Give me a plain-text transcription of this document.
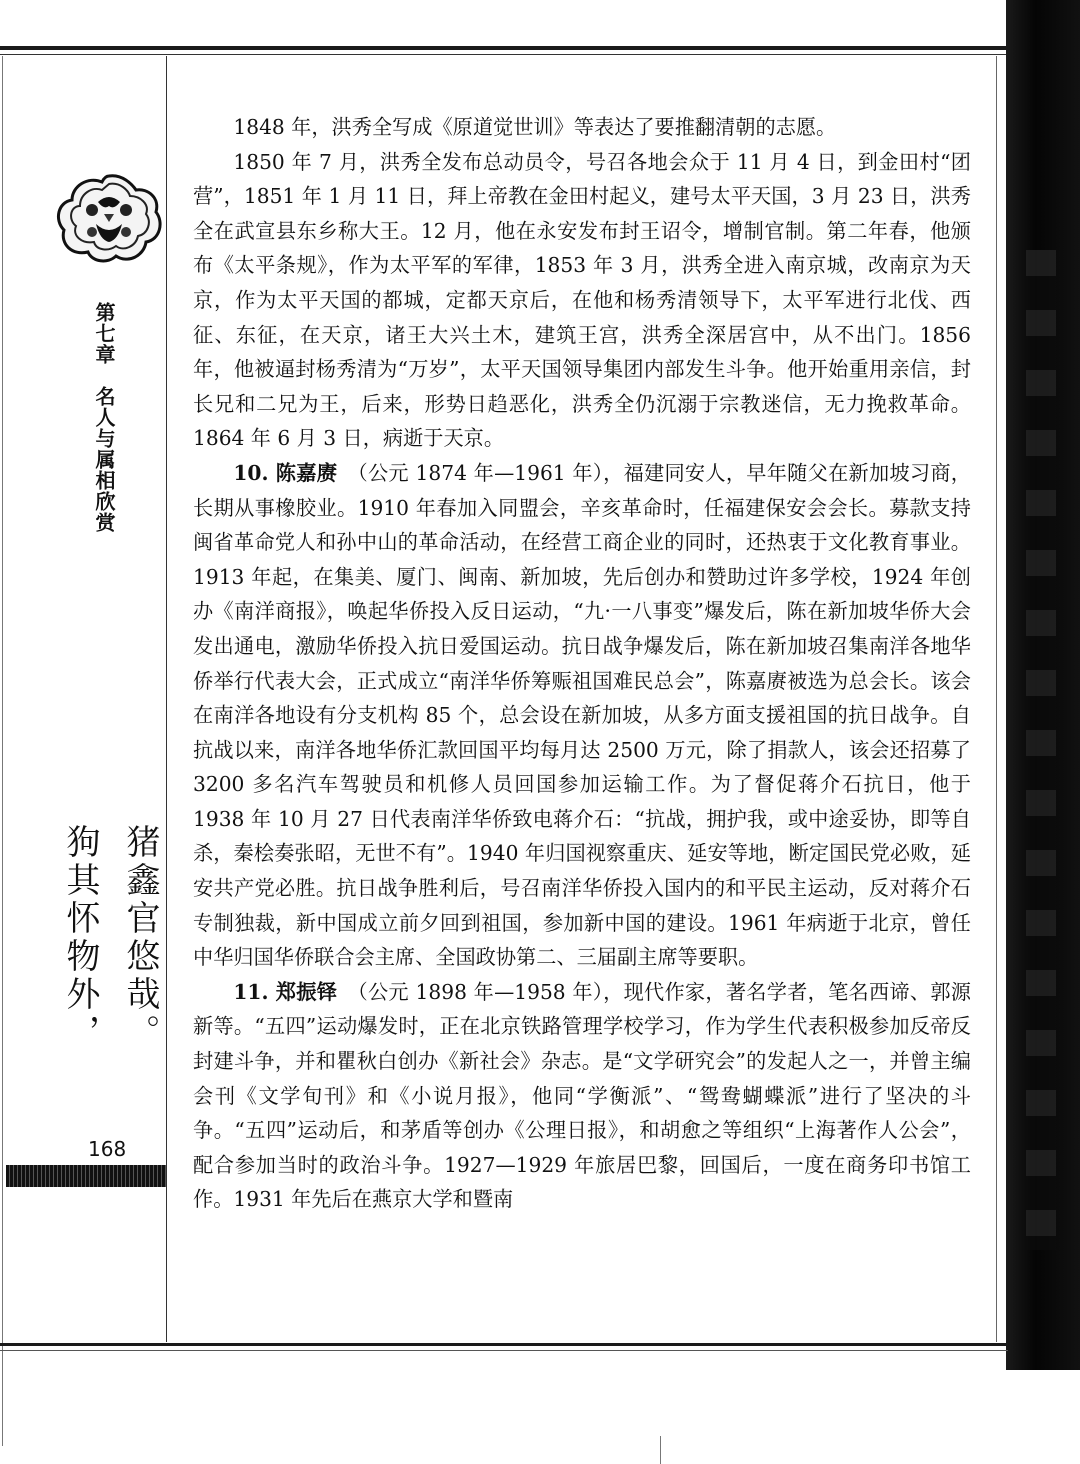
第七章　名人与属相欣赏
猪鑫官悠哉。
狗其怀物外，
168

1848 年，洪秀全写成《原道觉世训》等表达了要推翻清朝的志愿。

1850 年 7 月，洪秀全发布总动员令，号召各地会众于 11 月 4 日，到金田村“团营”，1851 年 1 月 11 日，拜上帝教在金田村起义，建号太平天国，3 月 23 日，洪秀全在武宣县东乡称大王。12 月，他在永安发布封王诏令，增制官制。第二年春，他颁布《太平条规》，作为太平军的军律，1853 年 3 月，洪秀全进入南京城，改南京为天京，作为太平天国的都城，定都天京后，在他和杨秀清领导下，太平军进行北伐、西征、东征，在天京，诸王大兴土木，建筑王宫，洪秀全深居宫中，从不出门。1856 年，他被逼封杨秀清为“万岁”，太平天国领导集团内部发生斗争。他开始重用亲信，封长兄和二兄为王，后来，形势日趋恶化，洪秀全仍沉溺于宗教迷信，无力挽救革命。1864 年 6 月 3 日，病逝于天京。

10. 陈嘉赓　 （公元 1874 年—1961 年），福建同安人，早年随父在新加坡习商，长期从事橡胶业。1910 年春加入同盟会，辛亥革命时，任福建保安会会长。募款支持闽省革命党人和孙中山的革命活动，在经营工商企业的同时，还热衷于文化教育事业。1913 年起，在集美、厦门、闽南、新加坡，先后创办和赞助过许多学校，1924 年创办《南洋商报》，唤起华侨投入反日运动，“九·一八事变”爆发后，陈在新加坡华侨大会发出通电，激励华侨投入抗日爱国运动。抗日战争爆发后，陈在新加坡召集南洋各地华侨举行代表大会，正式成立“南洋华侨筹赈祖国难民总会”，陈嘉赓被选为总会长。该会在南洋各地设有分支机构 85 个，总会设在新加坡，从多方面支援祖国的抗日战争。自抗战以来，南洋各地华侨汇款回国平均每月达 2500 万元，除了捐款人，该会还招募了3200 多名汽车驾驶员和机修人员回国参加运输工作。为了督促蒋介石抗日，他于 1938 年 10 月 27 日代表南洋华侨致电蒋介石：“抗战，拥护我，或中途妥协，即等自杀，秦桧奏张昭，无世不有”。1940 年归国视察重庆、延安等地，断定国民党必败，延安共产党必胜。抗日战争胜利后，号召南洋华侨投入国内的和平民主运动，反对蒋介石专制独裁，新中国成立前夕回到祖国，参加新中国的建设。1961 年病逝于北京，曾任中华归国华侨联合会主席、全国政协第二、三届副主席等要职。

11. 郑振铎　 （公元 1898 年—1958 年），现代作家，著名学者，笔名西谛、郭源新等。“五四”运动爆发时，正在北京铁路管理学校学习，作为学生代表积极参加反帝反封建斗争，并和瞿秋白创办《新社会》杂志。是“文学研究会”的发起人之一，并曾主编会刊《文学旬刊》和《小说月报》，他同“学衡派”、“鸳鸯蝴蝶派”进行了坚决的斗争。“五四”运动后，和茅盾等创办《公理日报》，和胡愈之等组织“上海著作人公会”，配合参加当时的政治斗争。1927—1929 年旅居巴黎，回国后，一度在商务印书馆工作。1931 年先后在燕京大学和暨南
